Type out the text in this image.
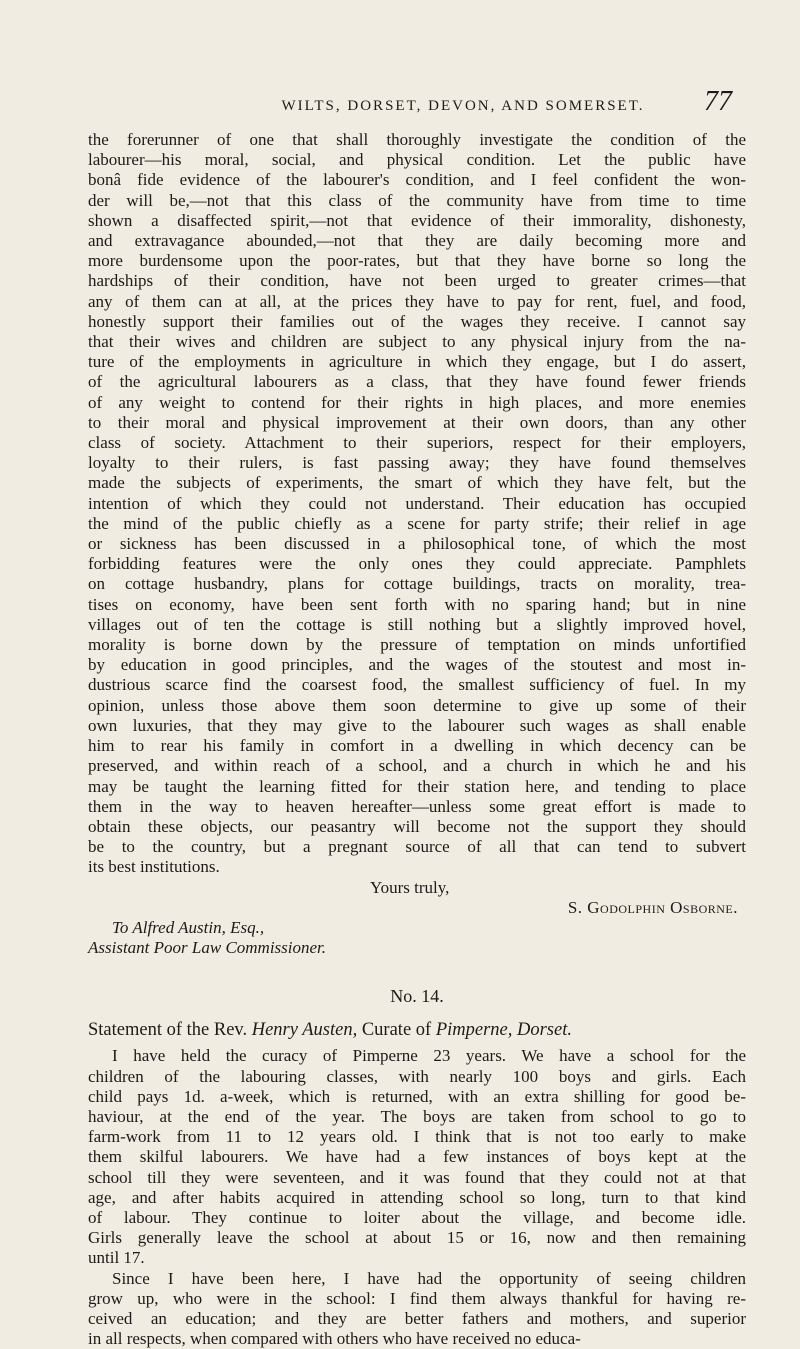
WILTS, DORSET, DEVON, AND SOMERSET.	77
the forerunner of one that shall thoroughly investigate the condition of the
labourer—his moral, social, and physical condition. Let the public have
bonâ fide evidence of the labourer's condition, and I feel confident the won-
der will be,—not that this class of the community have from time to time
shown a disaffected spirit,—not that evidence of their immorality, dishonesty,
and extravagance abounded,—not that they are daily becoming more and
more burdensome upon the poor-rates, but that they have borne so long the
hardships of their condition, have not been urged to greater crimes—that
any of them can at all, at the prices they have to pay for rent, fuel, and food,
honestly support their families out of the wages they receive. I cannot say
that their wives and children are subject to any physical injury from the na-
ture of the employments in agriculture in which they engage, but I do assert,
of the agricultural labourers as a class, that they have found fewer friends
of any weight to contend for their rights in high places, and more enemies
to their moral and physical improvement at their own doors, than any other
class of society. Attachment to their superiors, respect for their employers,
loyalty to their rulers, is fast passing away; they have found themselves
made the subjects of experiments, the smart of which they have felt, but the
intention of which they could not understand. Their education has occupied
the mind of the public chiefly as a scene for party strife; their relief in age
or sickness has been discussed in a philosophical tone, of which the most
forbidding features were the only ones they could appreciate. Pamphlets
on cottage husbandry, plans for cottage buildings, tracts on morality, trea-
tises on economy, have been sent forth with no sparing hand; but in nine
villages out of ten the cottage is still nothing but a slightly improved hovel,
morality is borne down by the pressure of temptation on minds unfortified
by education in good principles, and the wages of the stoutest and most in-
dustrious scarce find the coarsest food, the smallest sufficiency of fuel. In my
opinion, unless those above them soon determine to give up some of their
own luxuries, that they may give to the labourer such wages as shall enable
him to rear his family in comfort in a dwelling in which decency can be
preserved, and within reach of a school, and a church in which he and his
may be taught the learning fitted for their station here, and tending to place
them in the way to heaven hereafter—unless some great effort is made to
obtain these objects, our peasantry will become not the support they should
be to the country, but a pregnant source of all that can tend to subvert
its best institutions.
Yours truly,
S. Godolphin Osborne.
To Alfred Austin, Esq.,
Assistant Poor Law Commissioner.
No. 14.
Statement of the Rev. Henry Austen, Curate of Pimperne, Dorset.
I have held the curacy of Pimperne 23 years. We have a school for the
children of the labouring classes, with nearly 100 boys and girls. Each
child pays 1d. a-week, which is returned, with an extra shilling for good be-
haviour, at the end of the year. The boys are taken from school to go to
farm-work from 11 to 12 years old. I think that is not too early to make
them skilful labourers. We have had a few instances of boys kept at the
school till they were seventeen, and it was found that they could not at that
age, and after habits acquired in attending school so long, turn to that kind
of labour. They continue to loiter about the village, and become idle.
Girls generally leave the school at about 15 or 16, now and then remaining
until 17.
Since I have been here, I have had the opportunity of seeing children
grow up, who were in the school: I find them always thankful for having re-
ceived an education; and they are better fathers and mothers, and superior
in all respects, when compared with others who have received no educa-
